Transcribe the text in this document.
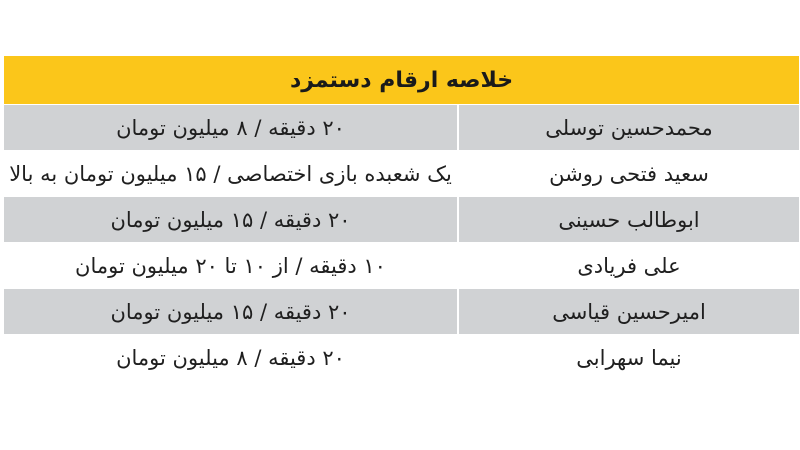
خلاصه ارقام دستمزد
محمدحسین توسلی
۲۰ دقیقه / ۸ میلیون تومان
سعید فتحی روشن
یک شعبده بازی اختصاصی / ۱۵ میلیون تومان به بالا
ابوطالب حسینی
۲۰ دقیقه / ۱۵ میلیون تومان
علی فریادی
۱۰ دقیقه / از ۱۰ تا ۲۰ میلیون تومان
امیرحسین قیاسی
۲۰ دقیقه / ۱۵ میلیون تومان
نیما سهرابی
۲۰ دقیقه / ۸ میلیون تومان
